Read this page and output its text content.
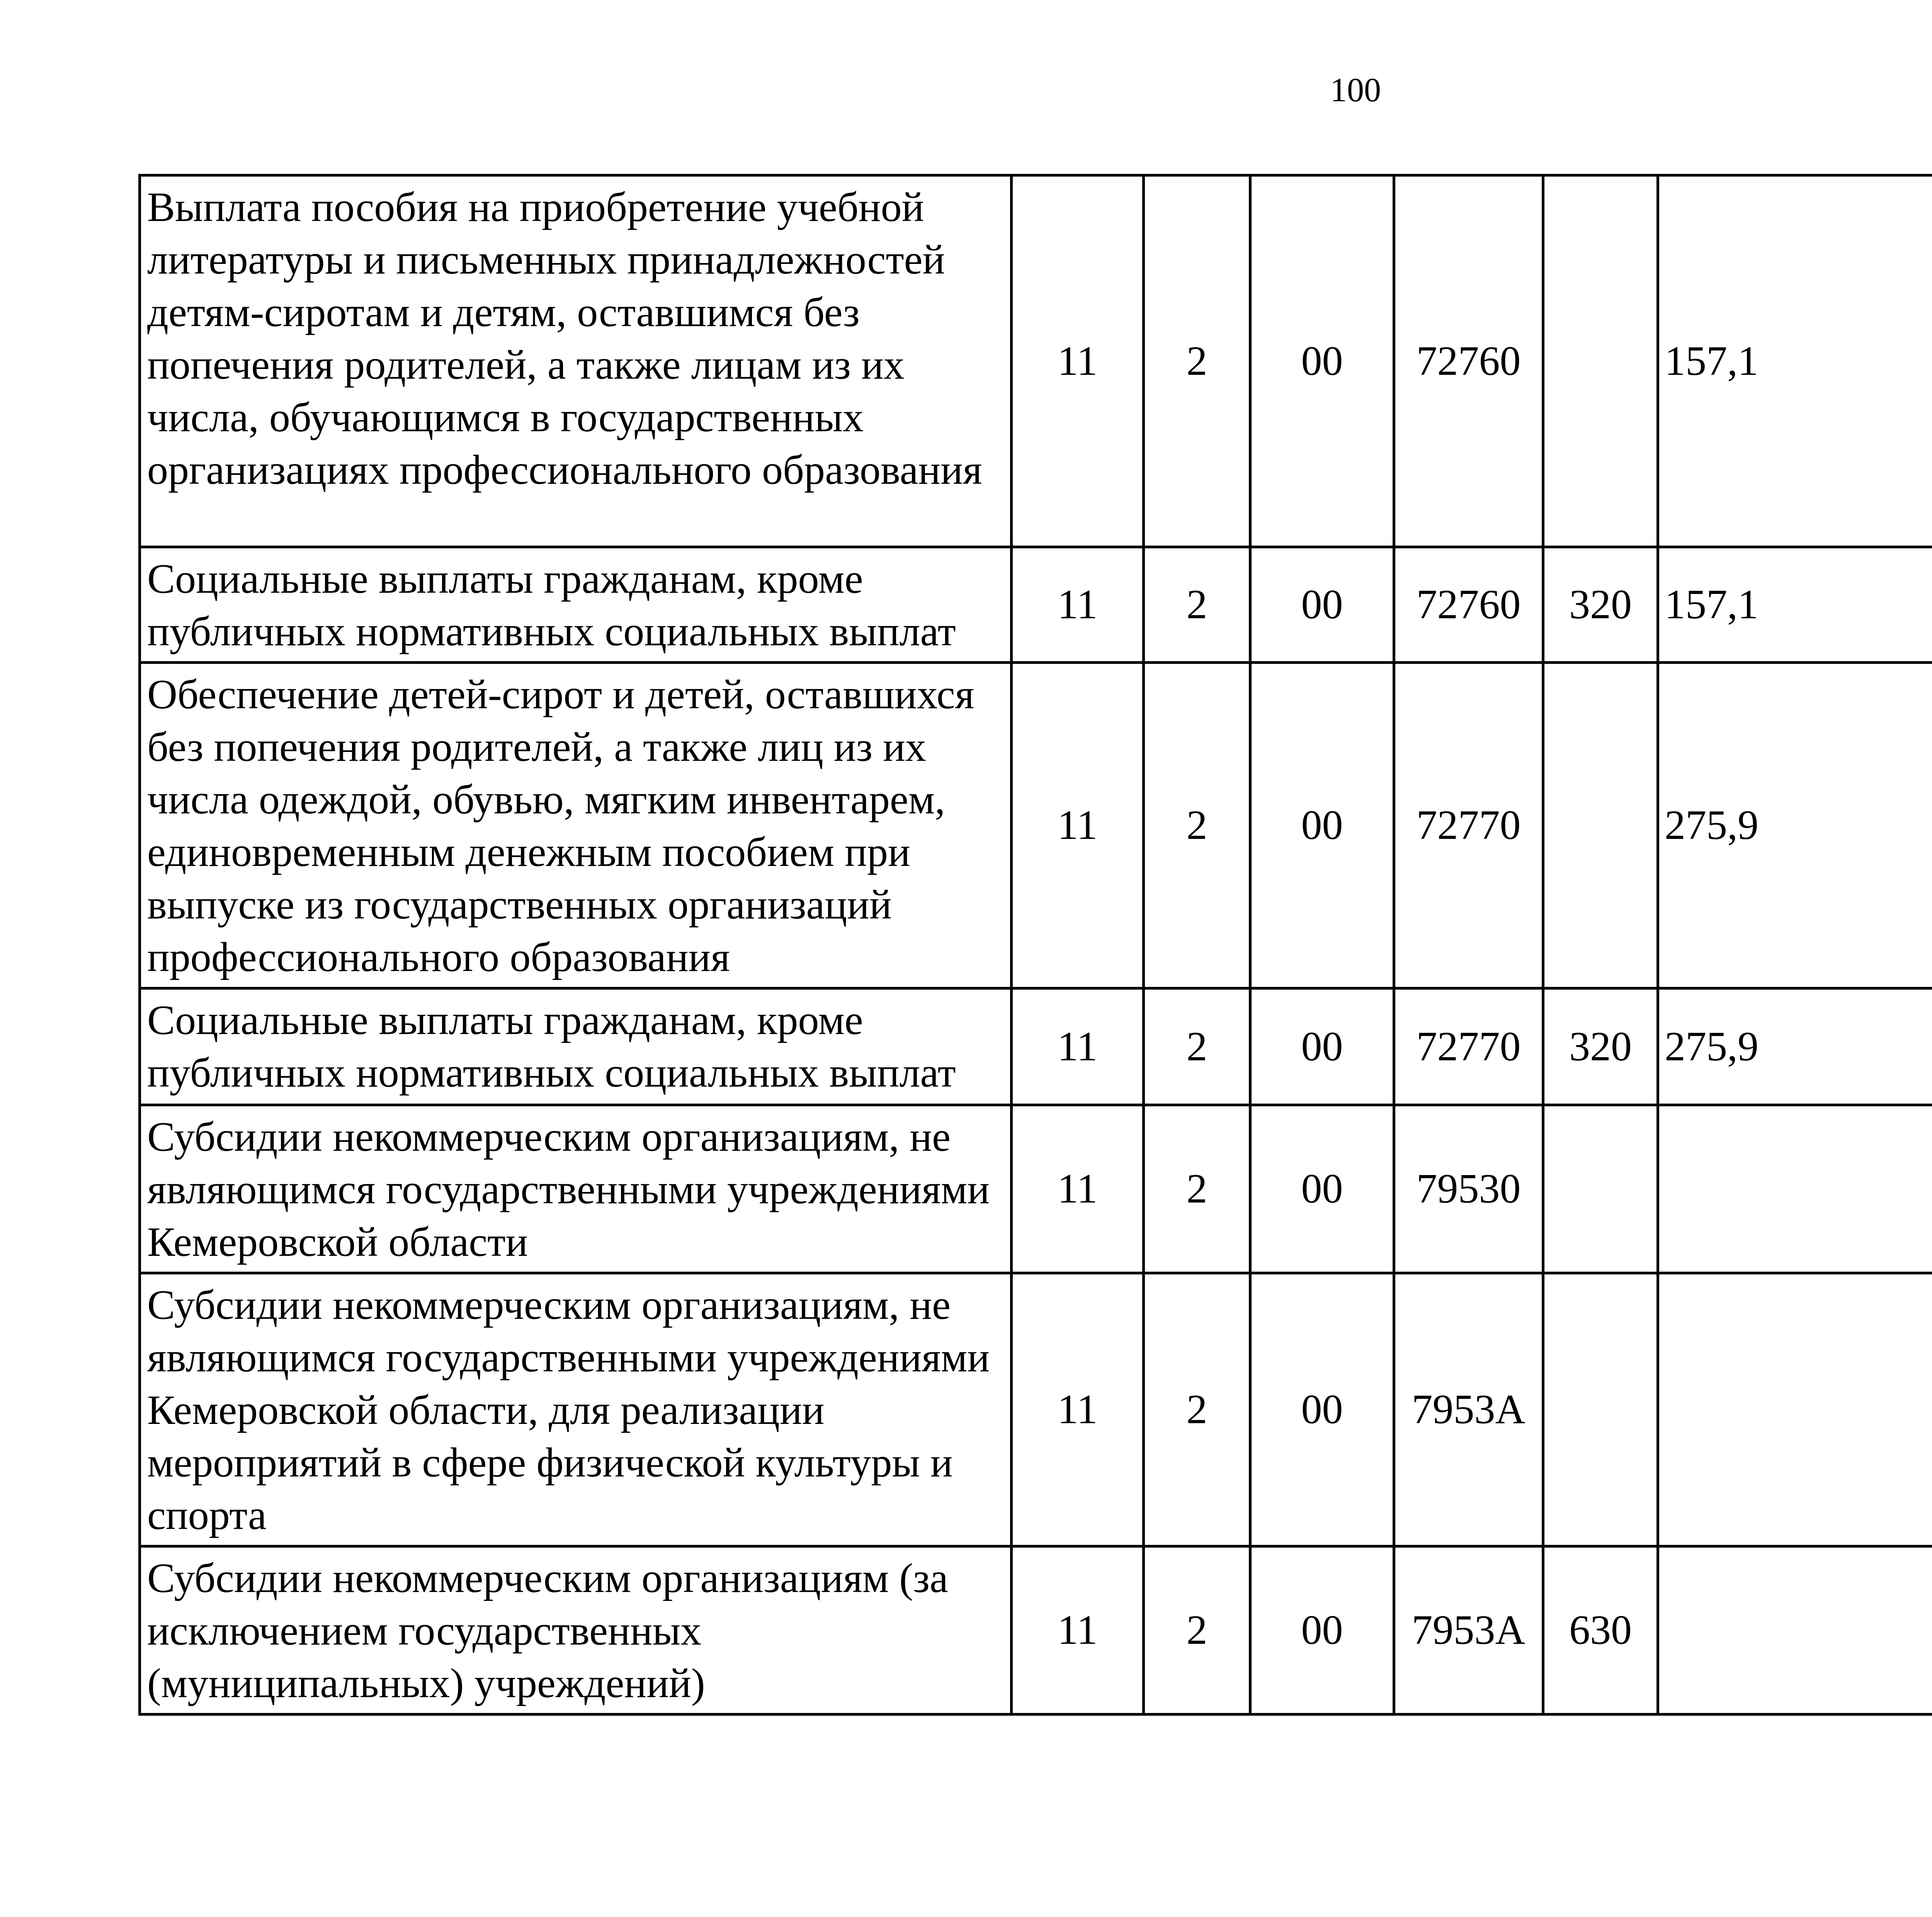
100
Выплата пособия на приобретение учебной литературы и письменных принадлежностей детям-сиротам и детям, оставшимся без попечения родителей, а также лицам из их числа, обучающимся в государственных организациях профессионального образования	11	2	00	72760		157,1		
Социальные выплаты гражданам, кроме публичных нормативных социальных выплат	11	2	00	72760	320	157,1		
Обеспечение детей-сирот и детей, оставшихся без попечения родителей, а также лиц из их числа одеждой, обувью, мягким инвентарем, единовременным денежным пособием при выпуске из государственных организаций профессионального образования	11	2	00	72770		275,9		
Социальные выплаты гражданам, кроме публичных нормативных социальных выплат	11	2	00	72770	320	275,9		
Субсидии некоммерческим организациям, не являющимся государственными учреждениями Кемеровской области	11	2	00	79530				
Субсидии некоммерческим организациям, не являющимся государственными учреждениями Кемеровской области, для реализации мероприятий в сфере физической культуры и спорта	11	2	00	7953А				
Субсидии некоммерческим организациям (за исключением государственных (муниципальных) учреждений)	11	2	00	7953А	630			
